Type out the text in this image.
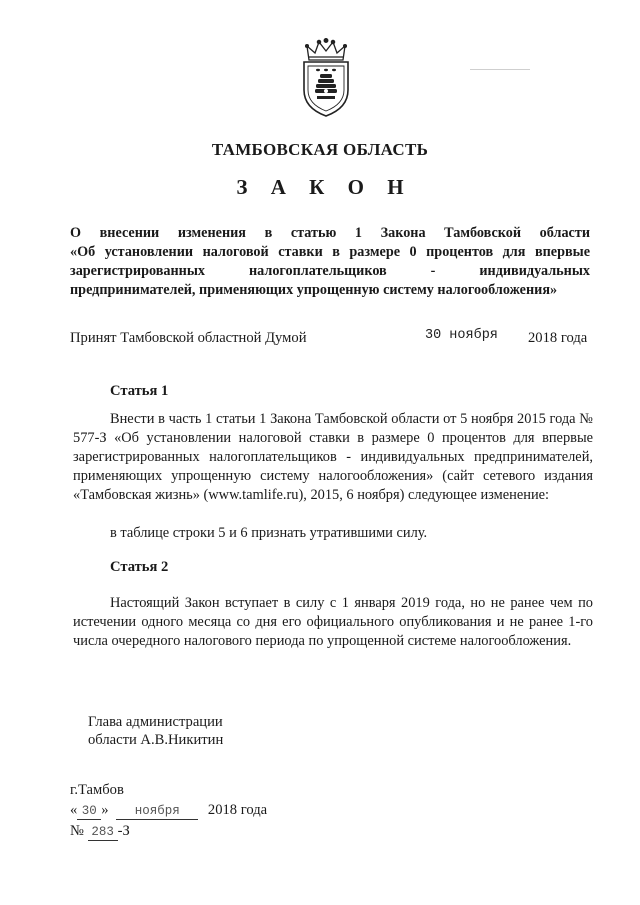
ТАМБОВСКАЯ ОБЛАСТЬ
З А К О Н
О внесении изменения в статью 1 Закона Тамбовской области
«Об установлении налоговой ставки в размере 0 процентов для впервые
зарегистрированных налогоплательщиков - индивидуальных
предпринимателей, применяющих упрощенную систему налогообложения»
Принят Тамбовской областной Думой	30 ноября 2018 года
Статья 1
Внести в часть 1 статьи 1 Закона Тамбовской области от 5 ноября 2015 года № 577-З «Об установлении налоговой ставки в размере 0 процентов для впервые зарегистрированных налогоплательщиков - индивидуальных предпринимателей, применяющих упрощенную систему налогообложения» (сайт сетевого издания «Тамбовская жизнь» (www.tamlife.ru), 2015, 6 ноября) следующее изменение:
в таблице строки 5 и 6 признать утратившими силу.
Статья 2
Настоящий Закон вступает в силу с 1 января 2019 года, но не ранее чем по истечении одного месяца со дня его официального опубликования и не ранее 1-го числа очередного налогового периода по упрощенной системе налогообложения.
Глава администрации
области А.В.Никитин
г.Тамбов
« 30 » ноября 2018 года
№ 283 -З
